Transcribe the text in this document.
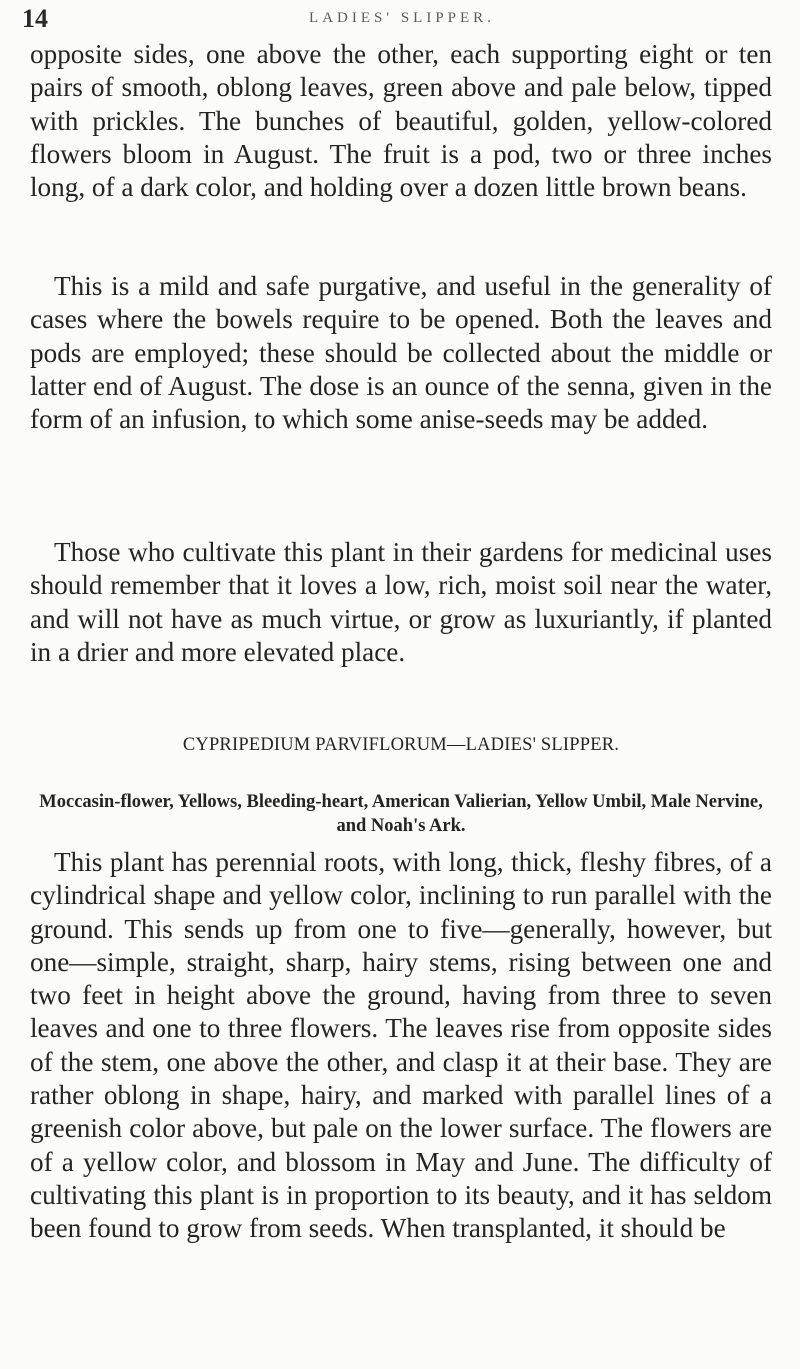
14	LADIES' SLIPPER.

opposite sides, one above the other, each supporting eight or ten pairs of smooth, oblong leaves, green above and pale below, tipped with prickles. The bunches of beautiful, golden, yellow-colored flowers bloom in August. The fruit is a pod, two or three inches long, of a dark color, and holding over a dozen little brown beans.

This is a mild and safe purgative, and useful in the generality of cases where the bowels require to be opened. Both the leaves and pods are employed; these should be collected about the middle or latter end of August. The dose is an ounce of the senna, given in the form of an infusion, to which some anise-seeds may be added.

Those who cultivate this plant in their gardens for medicinal uses should remember that it loves a low, rich, moist soil near the water, and will not have as much virtue, or grow as luxuriantly, if planted in a drier and more elevated place.

CYPRIPEDIUM PARVIFLORUM—LADIES' SLIPPER.

Moccasin-flower, Yellows, Bleeding-heart, American Valierian, Yellow Umbil, Male Nervine, and Noah's Ark.

This plant has perennial roots, with long, thick, fleshy fibres, of a cylindrical shape and yellow color, inclining to run parallel with the ground. This sends up from one to five—generally, however, but one—simple, straight, sharp, hairy stems, rising between one and two feet in height above the ground, having from three to seven leaves and one to three flowers. The leaves rise from opposite sides of the stem, one above the other, and clasp it at their base. They are rather oblong in shape, hairy, and marked with parallel lines of a greenish color above, but pale on the lower surface. The flowers are of a yellow color, and blossom in May and June. The difficulty of cultivating this plant is in proportion to its beauty, and it has seldom been found to grow from seeds. When transplanted, it should be
